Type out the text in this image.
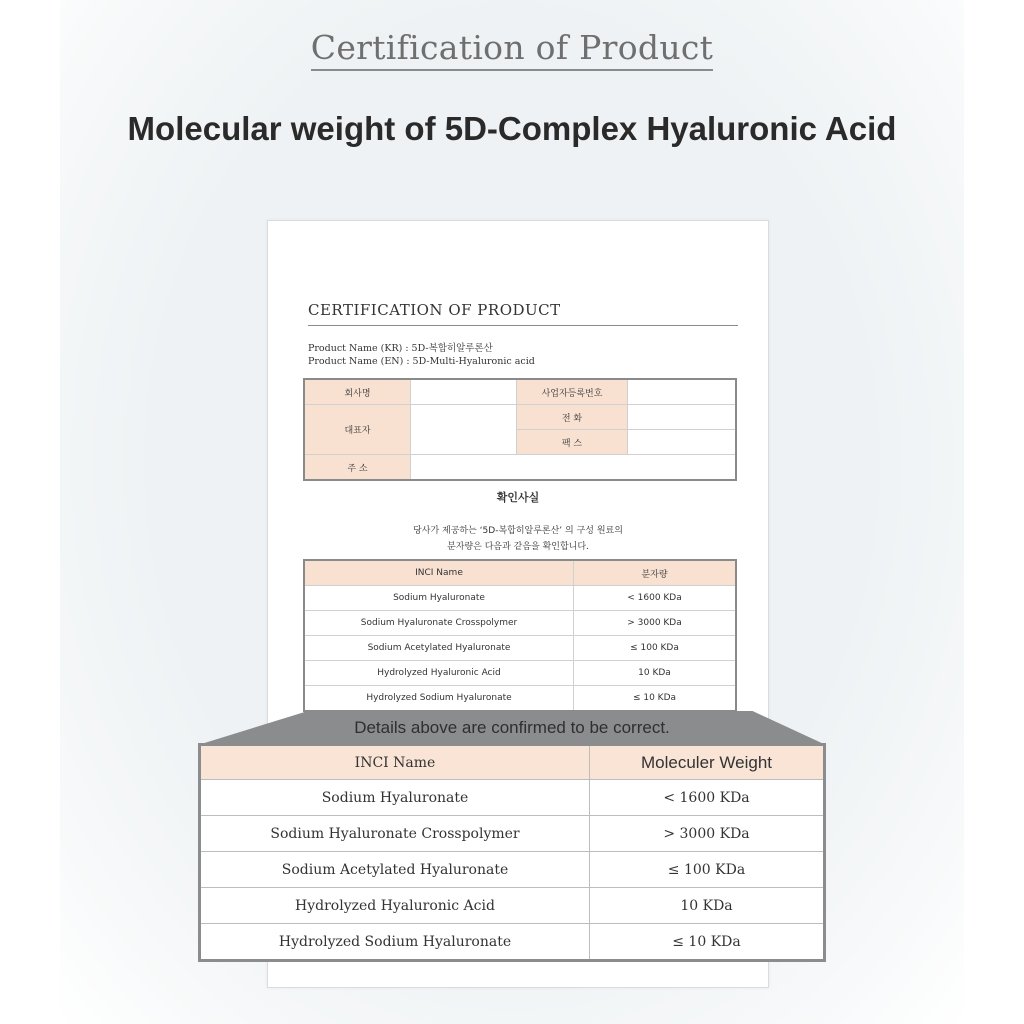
Certification of Product
Molecular weight of 5D-Complex Hyaluronic Acid
CERTIFICATION OF PRODUCT
Product Name (KR) : 5D-복합히알루론산
Product Name (EN) : 5D-Multi-Hyaluronic acid
회사명		사업자등록번호	
대표자		전 화	
		팩 스	
주 소			
확인사실
당사가 제공하는 ‘5D-복합히알루론산’ 의 구성 원료의
분자량은 다음과 같음을 확인합니다.
INCI Name	분자량
Sodium Hyaluronate	< 1600 KDa
Sodium Hyaluronate Crosspolymer	> 3000 KDa
Sodium Acetylated Hyaluronate	≤ 100 KDa
Hydrolyzed Hyaluronic Acid	10 KDa
Hydrolyzed Sodium Hyaluronate	≤ 10 KDa
Details above are confirmed to be correct.
INCI Name	Moleculer Weight
Sodium Hyaluronate	< 1600 KDa
Sodium Hyaluronate Crosspolymer	> 3000 KDa
Sodium Acetylated Hyaluronate	≤ 100 KDa
Hydrolyzed Hyaluronic Acid	10 KDa
Hydrolyzed Sodium Hyaluronate	≤ 10 KDa
